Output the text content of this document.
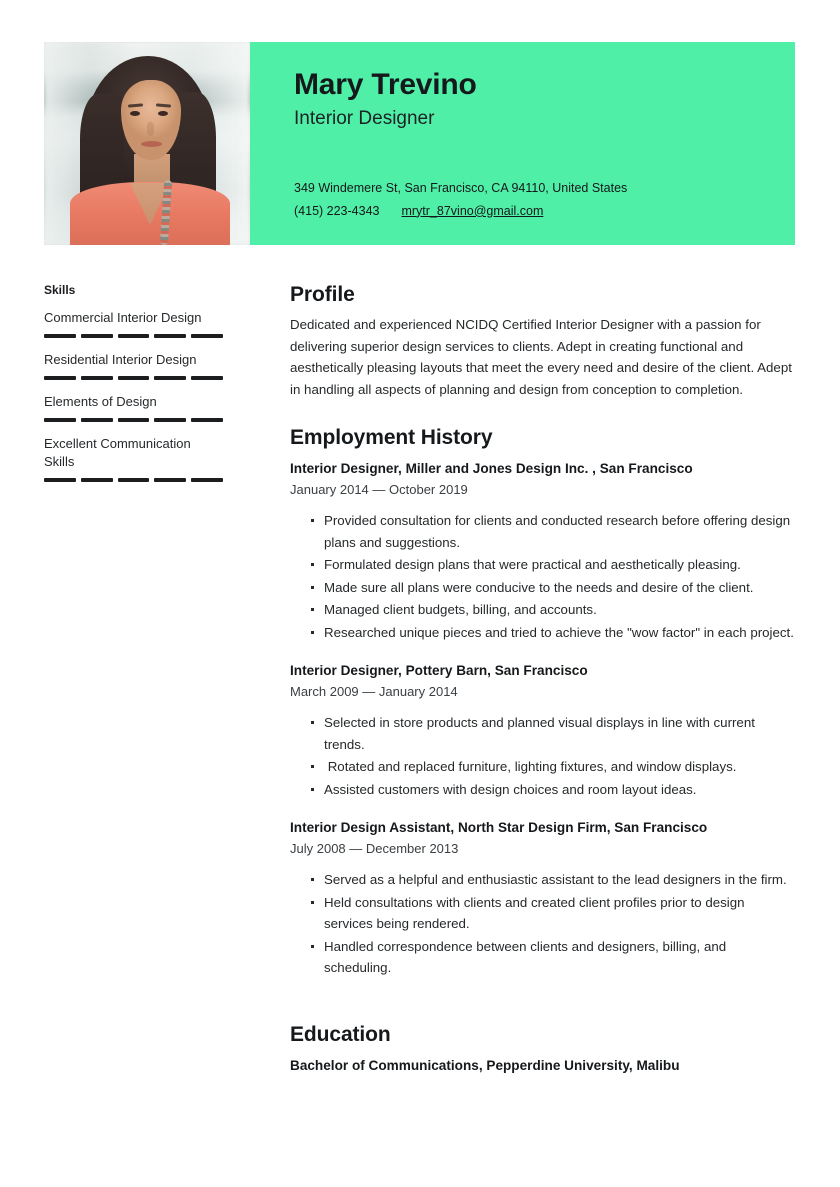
Mary Trevino
Interior Designer
349 Windemere St, San Francisco, CA 94110, United States
(415) 223-4343 mrytr_87vino@gmail.com
Skills
Commercial Interior Design
Residential Interior Design
Elements of Design
Excellent Communication Skills
Profile
Dedicated and experienced NCIDQ Certified Interior Designer with a passion for delivering superior design services to clients. Adept in creating functional and aesthetically pleasing layouts that meet the every need and desire of the client. Adept in handling all aspects of planning and design from conception to completion.
Employment History
Interior Designer, Miller and Jones Design Inc. , San Francisco
January 2014 — October 2019
Provided consultation for clients and conducted research before offering design plans and suggestions.
Formulated design plans that were practical and aesthetically pleasing.
Made sure all plans were conducive to the needs and desire of the client.
Managed client budgets, billing, and accounts.
Researched unique pieces and tried to achieve the "wow factor" in each project.
Interior Designer, Pottery Barn, San Francisco
March 2009 — January 2014
Selected in store products and planned visual displays in line with current trends.
Rotated and replaced furniture, lighting fixtures, and window displays.
Assisted customers with design choices and room layout ideas.
Interior Design Assistant, North Star Design Firm, San Francisco
July 2008 — December 2013
Served as a helpful and enthusiastic assistant to the lead designers in the firm.
Held consultations with clients and created client profiles prior to design services being rendered.
Handled correspondence between clients and designers, billing, and scheduling.
Education
Bachelor of Communications, Pepperdine University, Malibu
